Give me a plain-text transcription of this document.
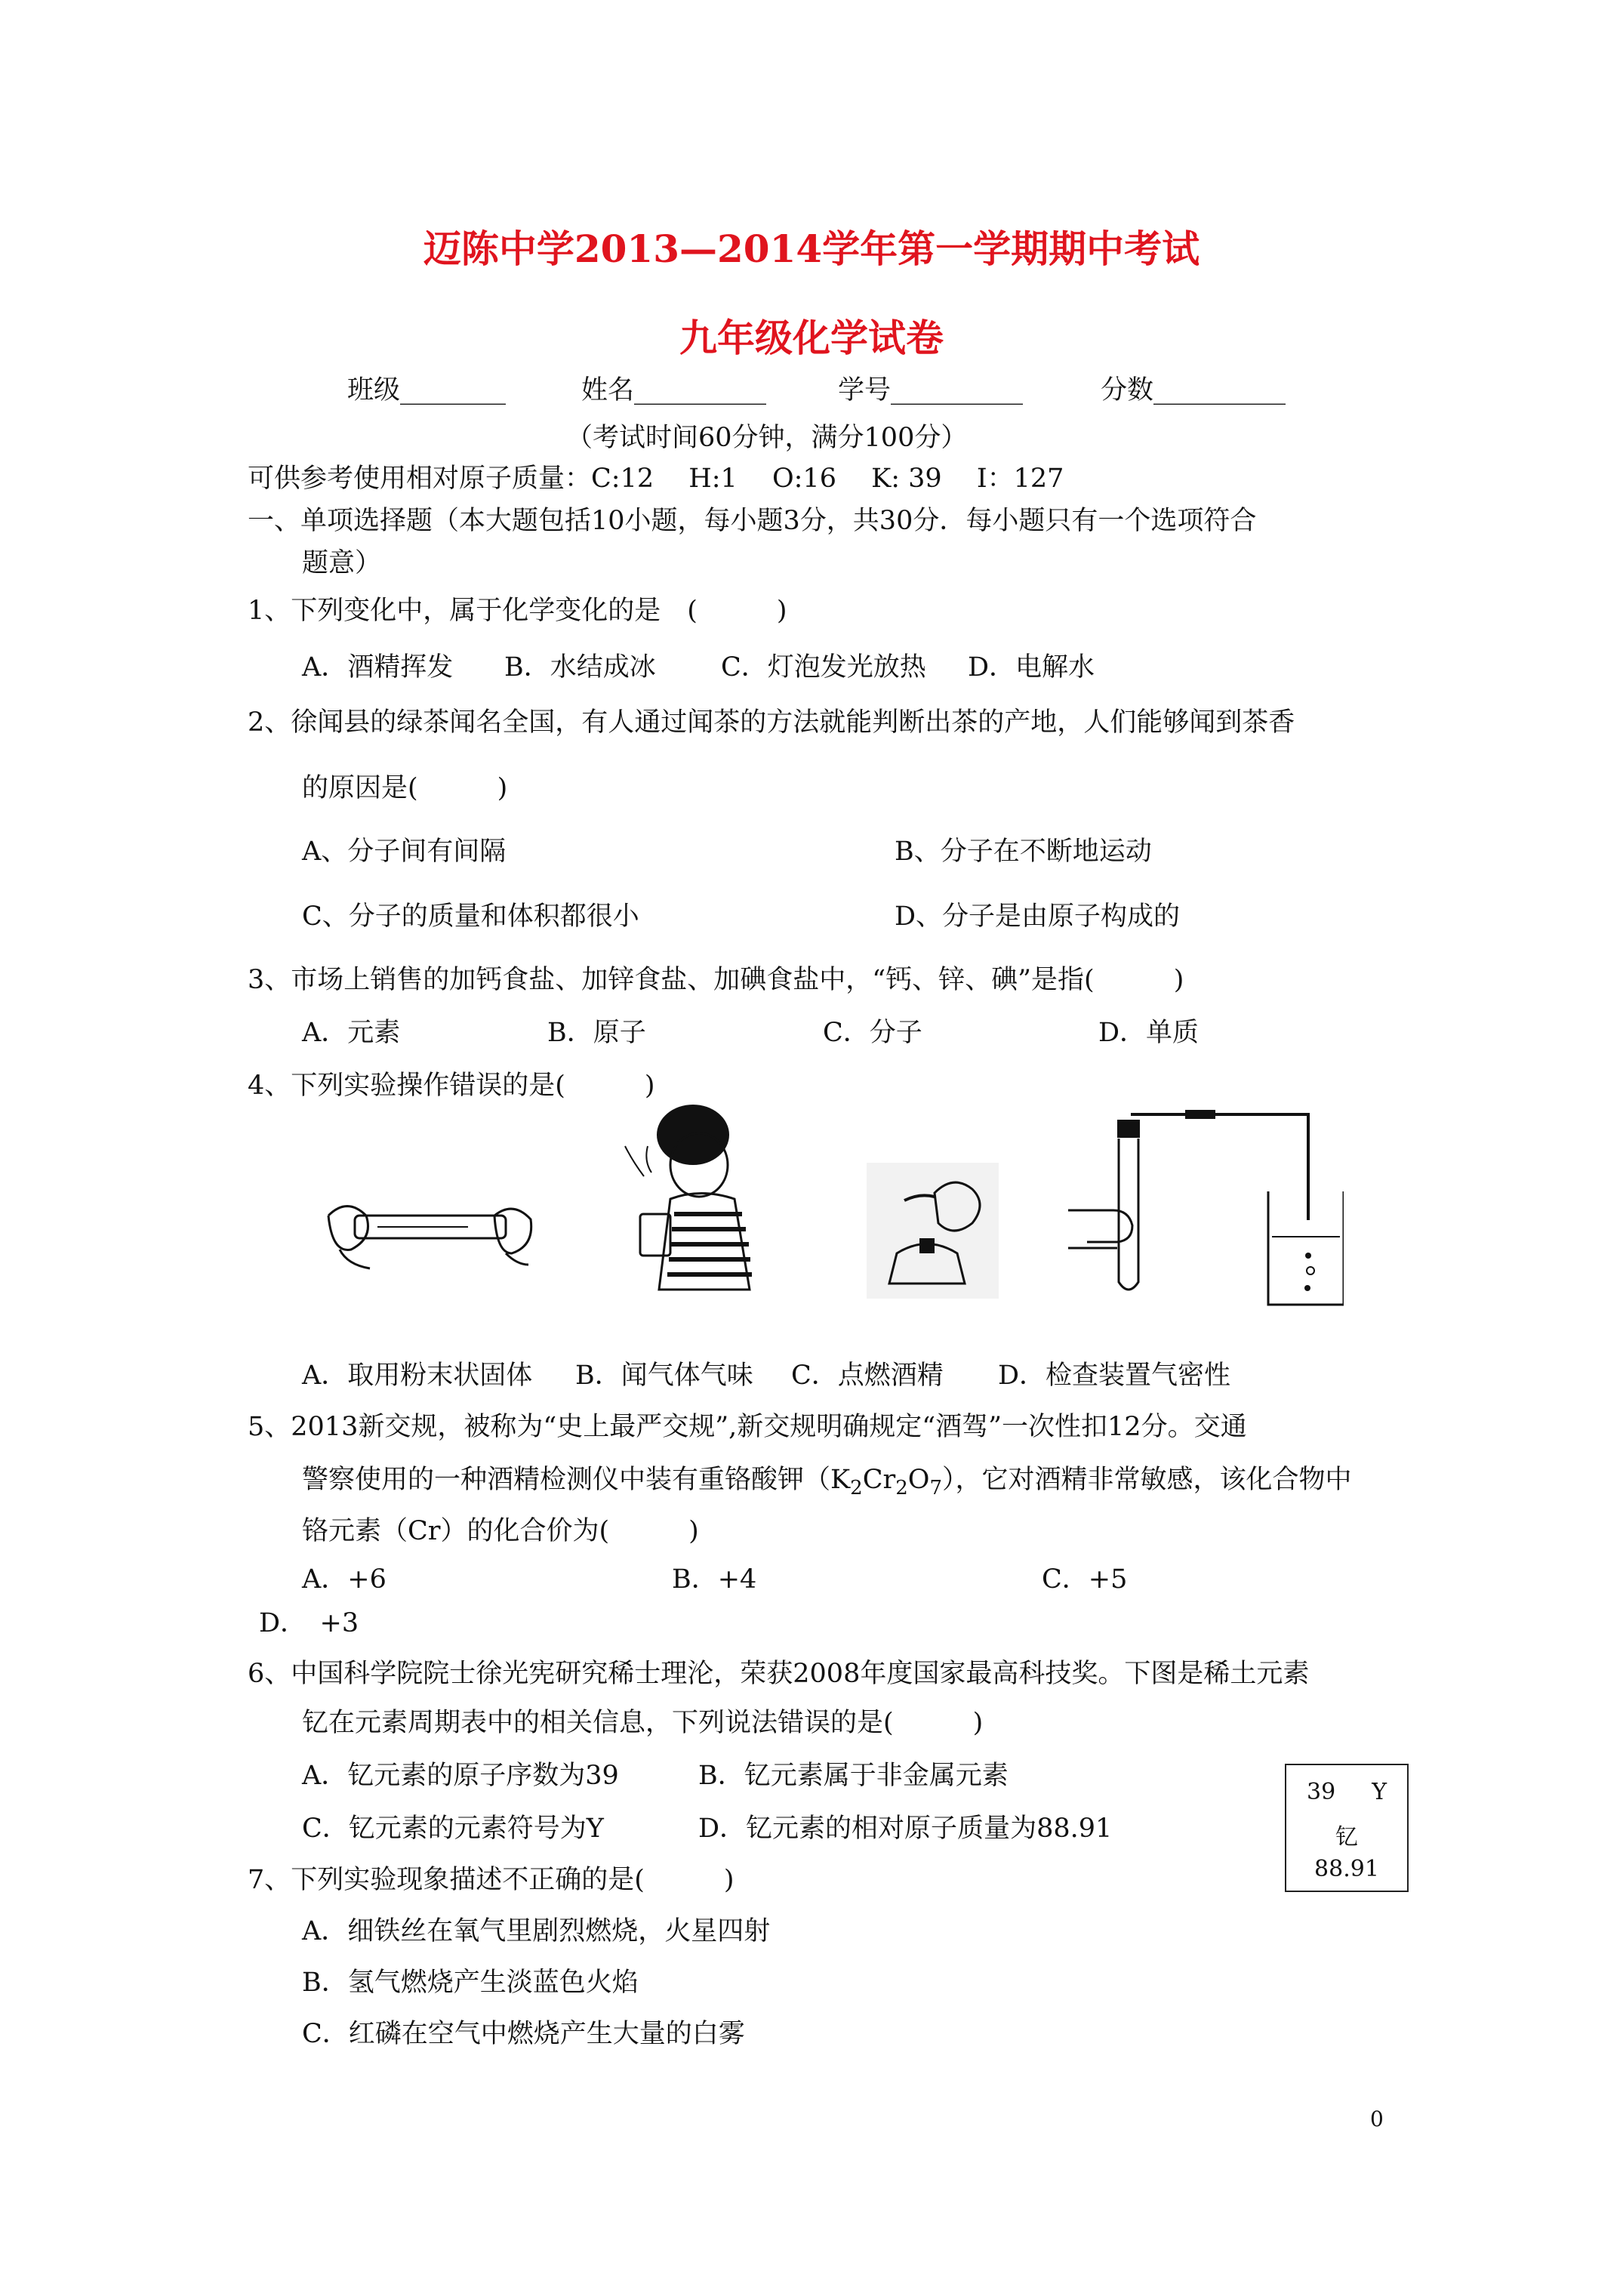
迈陈中学2013—2014学年第一学期期中考试
九年级化学试卷
班级________	姓名__________	学号__________	分数__________
（考试时间60分钟，满分100分）
可供参考使用相对原子质量：C:12　 H:1　 O:16　 K: 39　 I：127
一、单项选择题（本大题包括10小题，每小题3分，共30分．每小题只有一个选项符合
题意）
1、下列变化中，属于化学变化的是　(　　　)
A．酒精挥发 B．水结成冰 C．灯泡发光放热 D．电解水
2、徐闻县的绿茶闻名全国，有人通过闻茶的方法就能判断出茶的产地，人们能够闻到茶香
的原因是(　　　)
A、分子间有间隔	B、分子在不断地运动
C、分子的质量和体积都很小	D、分子是由原子构成的
3、市场上销售的加钙食盐、加锌食盐、加碘食盐中，“钙、锌、碘”是指(　　　)
A．元素	B．原子	C．分子	D．单质
4、下列实验操作错误的是(　　　)
A．取用粉末状固体 B．闻气体气味 C．点燃酒精 D．检查装置气密性
5、2013新交规，被称为“史上最严交规”,新交规明确规定“酒驾”一次性扣12分。交通
警察使用的一种酒精检测仪中装有重铬酸钾$(K_2Cr_2O_7)$，它对酒精非常敏感，该化合物中
铬元素（Cr）的化合价为(　　　)
A．+6	B．+4	C．+5
D．　+3
6、中国科学院院士徐光宪研究稀士理沦，荣获2008年度国家最高科技奖。下图是稀土元素
钇在元素周期表中的相关信息，下列说法错误的是(　　　)
A．钇元素的原子序数为39	B．钇元素属于非金属元素
C．钇元素的元素符号为Y	D．钇元素的相对原子质量为88.91
39 Y
钇
88.91
7、下列实验现象描述不正确的是(　　　)
A．细铁丝在氧气里剧烈燃烧，火星四射
B．氢气燃烧产生淡蓝色火焰
C．红磷在空气中燃烧产生大量的白雾
0
